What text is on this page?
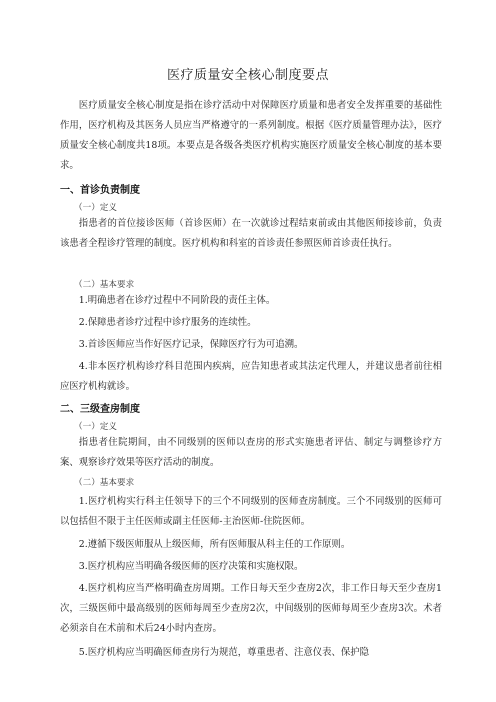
医疗质量安全核心制度要点

医疗质量安全核心制度是指在诊疗活动中对保障医疗质量和患者安全发挥重要的基础性作用，医疗机构及其医务人员应当严格遵守的一系列制度。根据《医疗质量管理办法》，医疗质量安全核心制度共18项。本要点是各级各类医疗机构实施医疗质量安全核心制度的基本要求。

一、首诊负责制度
（一）定义

指患者的首位接诊医师（首诊医师）在一次就诊过程结束前或由其他医师接诊前，负责该患者全程诊疗管理的制度。医疗机构和科室的首诊责任参照医师首诊责任执行。

（二）基本要求

1.明确患者在诊疗过程中不同阶段的责任主体。

2.保障患者诊疗过程中诊疗服务的连续性。

3.首诊医师应当作好医疗记录，保障医疗行为可追溯。

4.非本医疗机构诊疗科目范围内疾病，应告知患者或其法定代理人，并建议患者前往相应医疗机构就诊。

二、三级查房制度
（一）定义

指患者住院期间，由不同级别的医师以查房的形式实施患者评估、制定与调整诊疗方案、观察诊疗效果等医疗活动的制度。

（二）基本要求

1.医疗机构实行科主任领导下的三个不同级别的医师查房制度。三个不同级别的医师可以包括但不限于主任医师或副主任医师-主治医师-住院医师。

2.遵循下级医师服从上级医师，所有医师服从科主任的工作原则。

3.医疗机构应当明确各级医师的医疗决策和实施权限。

4.医疗机构应当严格明确查房周期。工作日每天至少查房2次，非工作日每天至少查房1次，三级医师中最高级别的医师每周至少查房2次，中间级别的医师每周至少查房3次。术者必须亲自在术前和术后24小时内查房。

5.医疗机构应当明确医师查房行为规范，尊重患者、注意仪表、保护隐
